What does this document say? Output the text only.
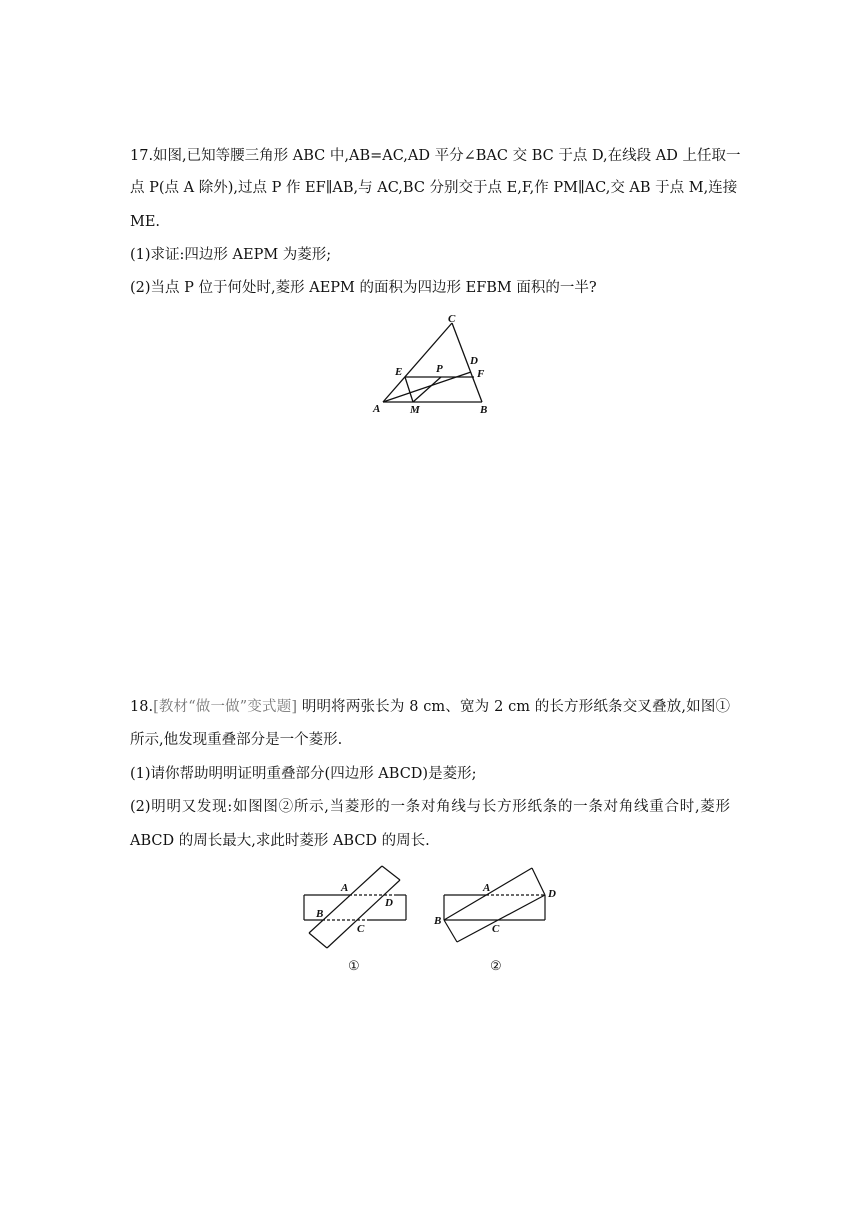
17.如图,已知等腰三角形 ABC 中,AB=AC,AD 平分∠BAC 交 BC 于点 D,在线段 AD 上任取一
点 P(点 A 除外),过点 P 作 EF∥AB,与 AC,BC 分别交于点 E,F,作 PM∥AC,交 AB 于点 M,连接
ME.
(1)求证:四边形 AEPM 为菱形;
(2)当点 P 位于何处时,菱形 AEPM 的面积为四边形 EFBM 面积的一半?
C
D
E	P	F
A	M	B
18.[教材“做一做”变式题] 明明将两张长为 8 cm、宽为 2 cm 的长方形纸条交叉叠放,如图①
所示,他发现重叠部分是一个菱形.
(1)请你帮助明明证明重叠部分(四边形 ABCD)是菱形;
(2)明明又发现:如图图②所示,当菱形的一条对角线与长方形纸条的一条对角线重合时,菱形
ABCD 的周长最大,求此时菱形 ABCD 的周长.
A
B
C
D
①
A
B
C
D
②
